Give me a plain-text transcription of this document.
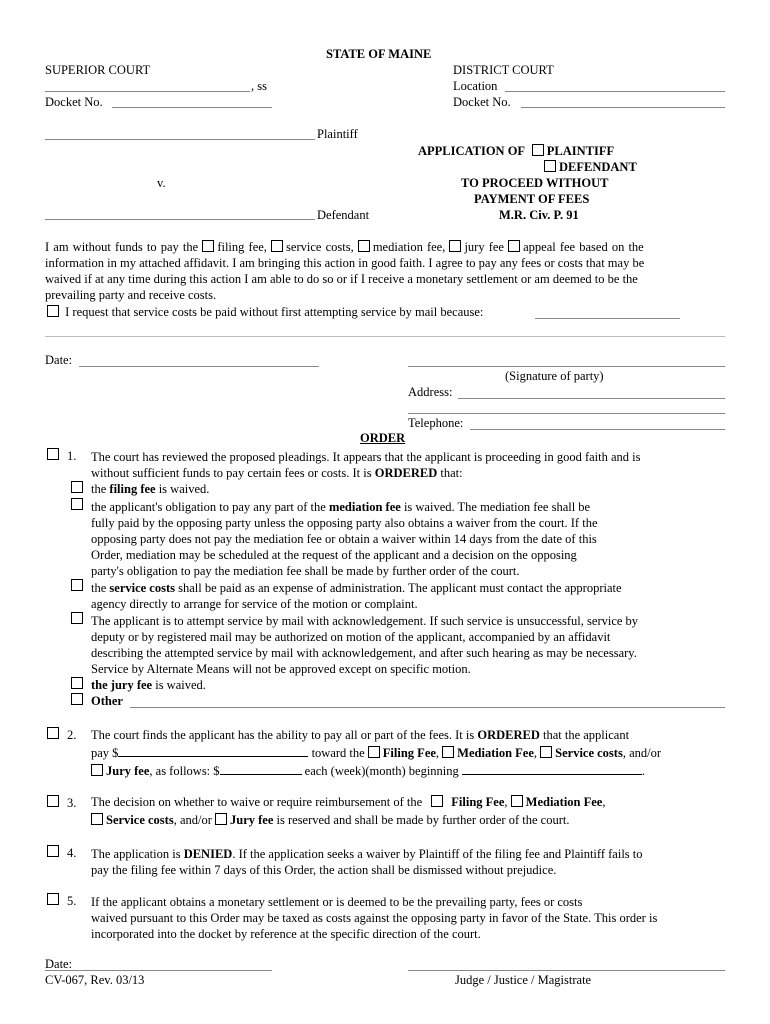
STATE OF MAINE
SUPERIOR COURT
, ss
Docket No.
DISTRICT COURT
Location
Docket No.
Plaintiff
v.
Defendant
APPLICATION OF PLAINTIFF
DEFENDANT
TO PROCEED WITHOUT
PAYMENT OF FEES
M.R. Civ. P. 91
I am without funds to pay the filing fee, service costs, mediation fee, jury fee appeal fee based on the
information in my attached affidavit. I am bringing this action in good faith. I agree to pay any fees or costs that may be
waived if at any time during this action I am able to do so or if I receive a monetary settlement or am deemed to be the
prevailing party and receive costs.
I request that service costs be paid without first attempting service by mail because:
Date:
(Signature of party)
Address:
Telephone:
ORDER
1. The court has reviewed the proposed pleadings. It appears that the applicant is proceeding in good faith and is
without sufficient funds to pay certain fees or costs. It is ORDERED that:
the filing fee is waived.
the applicant's obligation to pay any part of the mediation fee is waived. The mediation fee shall be
fully paid by the opposing party unless the opposing party also obtains a waiver from the court. If the
opposing party does not pay the mediation fee or obtain a waiver within 14 days from the date of this
Order, mediation may be scheduled at the request of the applicant and a decision on the opposing
party's obligation to pay the mediation fee shall be made by further order of the court.
the service costs shall be paid as an expense of administration. The applicant must contact the appropriate
agency directly to arrange for service of the motion or complaint.
The applicant is to attempt service by mail with acknowledgement. If such service is unsuccessful, service by
deputy or by registered mail may be authorized on motion of the applicant, accompanied by an affidavit
describing the attempted service by mail with acknowledgement, and after such hearing as may be necessary.
Service by Alternate Means will not be approved except on specific motion.
the jury fee is waived.
Other
2. The court finds the applicant has the ability to pay all or part of the fees. It is ORDERED that the applicant
pay $	toward the Filing Fee, Mediation Fee, Service costs, and/or
Jury fee, as follows: $	each (week)(month) beginning	.
3. The decision on whether to waive or require reimbursement of the Filing Fee, Mediation Fee,
Service costs, and/or Jury fee is reserved and shall be made by further order of the court.
4. The application is DENIED. If the application seeks a waiver by Plaintiff of the filing fee and Plaintiff fails to
pay the filing fee within 7 days of this Order, the action shall be dismissed without prejudice.
5. If the applicant obtains a monetary settlement or is deemed to be the prevailing party, fees or costs
waived pursuant to this Order may be taxed as costs against the opposing party in favor of the State. This order is
incorporated into the docket by reference at the specific direction of the court.
Date:
CV-067, Rev. 03/13	Judge / Justice / Magistrate
